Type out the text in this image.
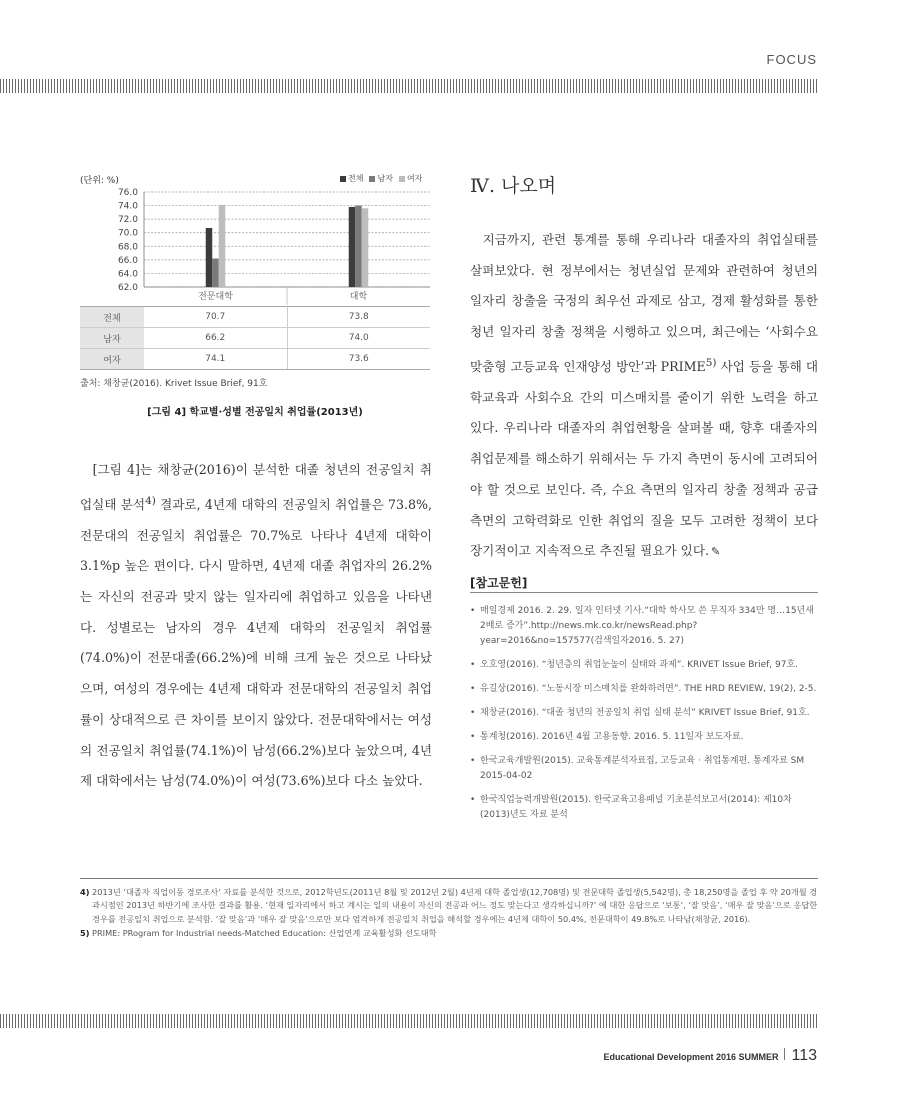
FOCUS
(단위: %)	전체	남자	여자
76.0
74.0
72.0
70.0
68.0
66.0
64.0
62.0
전문대학	대학
전체	70.7	73.8
남자	66.2	74.0
여자	74.1	73.6
출처: 채창균(2016). Krivet Issue Brief, 91호
[그림 4] 학교별·성별 전공일치 취업률(2013년)

[그림 4]는 채창균(2016)이 분석한 대졸 청년의 전공일치 취업실태 분석$^{4)}$ 결과로, 4년제 대학의 전공일치 취업률은 73.8%, 전문대의 전공일치 취업률은 70.7%로 나타나 4년제 대학이 3.1%p 높은 편이다. 다시 말하면, 4년제 대졸 취업자의 26.2%는 자신의 전공과 맞지 않는 일자리에 취업하고 있음을 나타낸다. 성별로는 남자의 경우 4년제 대학의 전공일치 취업률(74.0%)이 전문대졸(66.2%)에 비해 크게 높은 것으로 나타났으며, 여성의 경우에는 4년제 대학과 전문대학의 전공일치 취업률이 상대적으로 큰 차이를 보이지 않았다. 전문대학에서는 여성의 전공일치 취업률(74.1%)이 남성(66.2%)보다 높았으며, 4년제 대학에서는 남성(74.0%)이 여성(73.6%)보다 다소 높았다.

Ⅳ. 나오며

지금까지, 관련 통계를 통해 우리나라 대졸자의 취업실태를 살펴보았다. 현 정부에서는 청년실업 문제와 관련하여 청년의 일자리 창출을 국정의 최우선 과제로 삼고, 경제 활성화를 통한 청년 일자리 창출 정책을 시행하고 있으며, 최근에는 ‘사회수요 맞춤형 고등교육 인재양성 방안’과 PRIME$^{5)}$ 사업 등을 통해 대학교육과 사회수요 간의 미스매치를 줄이기 위한 노력을 하고 있다. 우리나라 대졸자의 취업현황을 살펴볼 때, 향후 대졸자의 취업문제를 해소하기 위해서는 두 가지 측면이 동시에 고려되어야 할 것으로 보인다. 즉, 수요 측면의 일자리 창출 정책과 공급 측면의 고학력화로 인한 취업의 질을 모두 고려한 정책이 보다 장기적이고 지속적으로 추진될 필요가 있다. ✎

[참고문헌]
• 매일경제 2016. 2. 29. 일자 인터넷 기사.“대학 학사모 쓴 무직자 334만 명…15년새 2배로 증가”.http://news.mk.co.kr/newsRead.php?year=2016&no=157577(검색일자2016. 5. 27)
• 오호영(2016). “청년층의 취업눈높이 실태와 과제”. KRIVET Issue Brief, 97호.
• 유길상(2016). “노동시장 미스매치를 완화하려면”. THE HRD REVIEW, 19(2), 2-5.
• 채창균(2016). “대졸 청년의 전공일치 취업 실태 분석” KRIVET Issue Brief, 91호.
• 통계청(2016). 2016년 4월 고용동향. 2016. 5. 11일자 보도자료.
• 한국교육개발원(2015). 교육통계분석자료집, 고등교육 · 취업통계편. 통계자료 SM 2015-04-02
• 한국직업능력개발원(2015). 한국교육고용패널 기초분석보고서(2014): 제10차(2013)년도 자료 분석
4) 2013년 ‘대졸자 직업이동 경로조사’ 자료를 분석한 것으로, 2012학년도(2011년 8월 및 2012년 2월) 4년제 대학 졸업생(12,708명) 및 전문대학 졸업생(5,542명), 총 18,250명을 졸업 후 약 20개월 경과시점인 2013년 하반기에 조사한 결과를 활용. ‘현재 일자리에서 하고 계시는 일의 내용이 자신의 전공과 어느 정도 맞는다고 생각하십니까?’ 에 대한 응답으로 ‘보통’, ‘잘 맞음’, ‘매우 잘 맞음’으로 응답한 경우를 전공일치 취업으로 분석함. ‘잘 맞음’과 ‘매우 잘 맞음’으로만 보다 엄격하게 전공일치 취업을 해석할 경우에는 4년제 대학이 50.4%, 전문대학이 49.8%로 나타남(채창균, 2016).
5) PRIME: PRogram for Industrial needs-Matched Education: 산업연계 교육활성화 선도대학
Educational Development 2016 SUMMER 113
